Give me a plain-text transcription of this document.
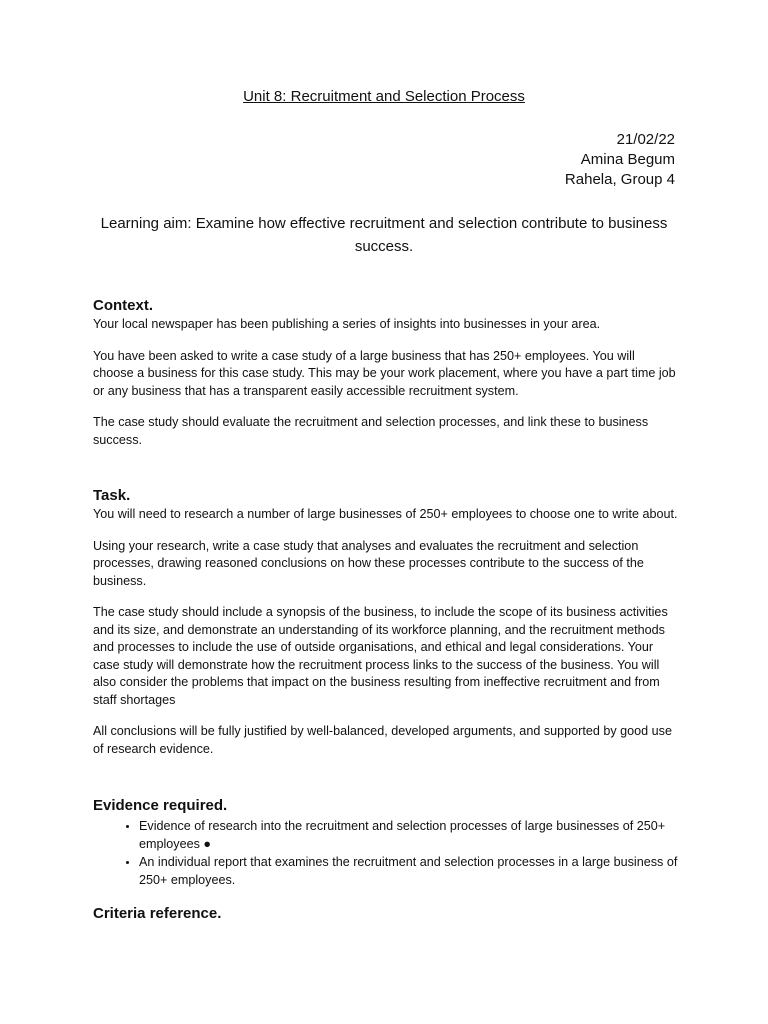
Unit 8: Recruitment and Selection Process
21/02/22
Amina Begum
Rahela, Group 4
Learning aim: Examine how effective recruitment and selection contribute to business success.
Context.

Your local newspaper has been publishing a series of insights into businesses in your area.

You have been asked to write a case study of a large business that has 250+ employees. You will choose a business for this case study. This may be your work placement, where you have a part time job or any business that has a transparent easily accessible recruitment system.

The case study should evaluate the recruitment and selection processes, and link these to business success.

Task.

You will need to research a number of large businesses of 250+ employees to choose one to write about.

Using your research, write a case study that analyses and evaluates the recruitment and selection processes, drawing reasoned conclusions on how these processes contribute to the success of the business.

The case study should include a synopsis of the business, to include the scope of its business activities and its size, and demonstrate an understanding of its workforce planning, and the recruitment methods and processes to include the use of outside organisations, and ethical and legal considerations. Your case study will demonstrate how the recruitment process links to the success of the business. You will also consider the problems that impact on the business resulting from ineffective recruitment and from staff shortages

All conclusions will be fully justified by well-balanced, developed arguments, and supported by good use of research evidence.

Evidence required.
• Evidence of research into the recruitment and selection processes of large businesses of 250+ employees ●
• An individual report that examines the recruitment and selection processes in a large business of 250+ employees.
Criteria reference.
